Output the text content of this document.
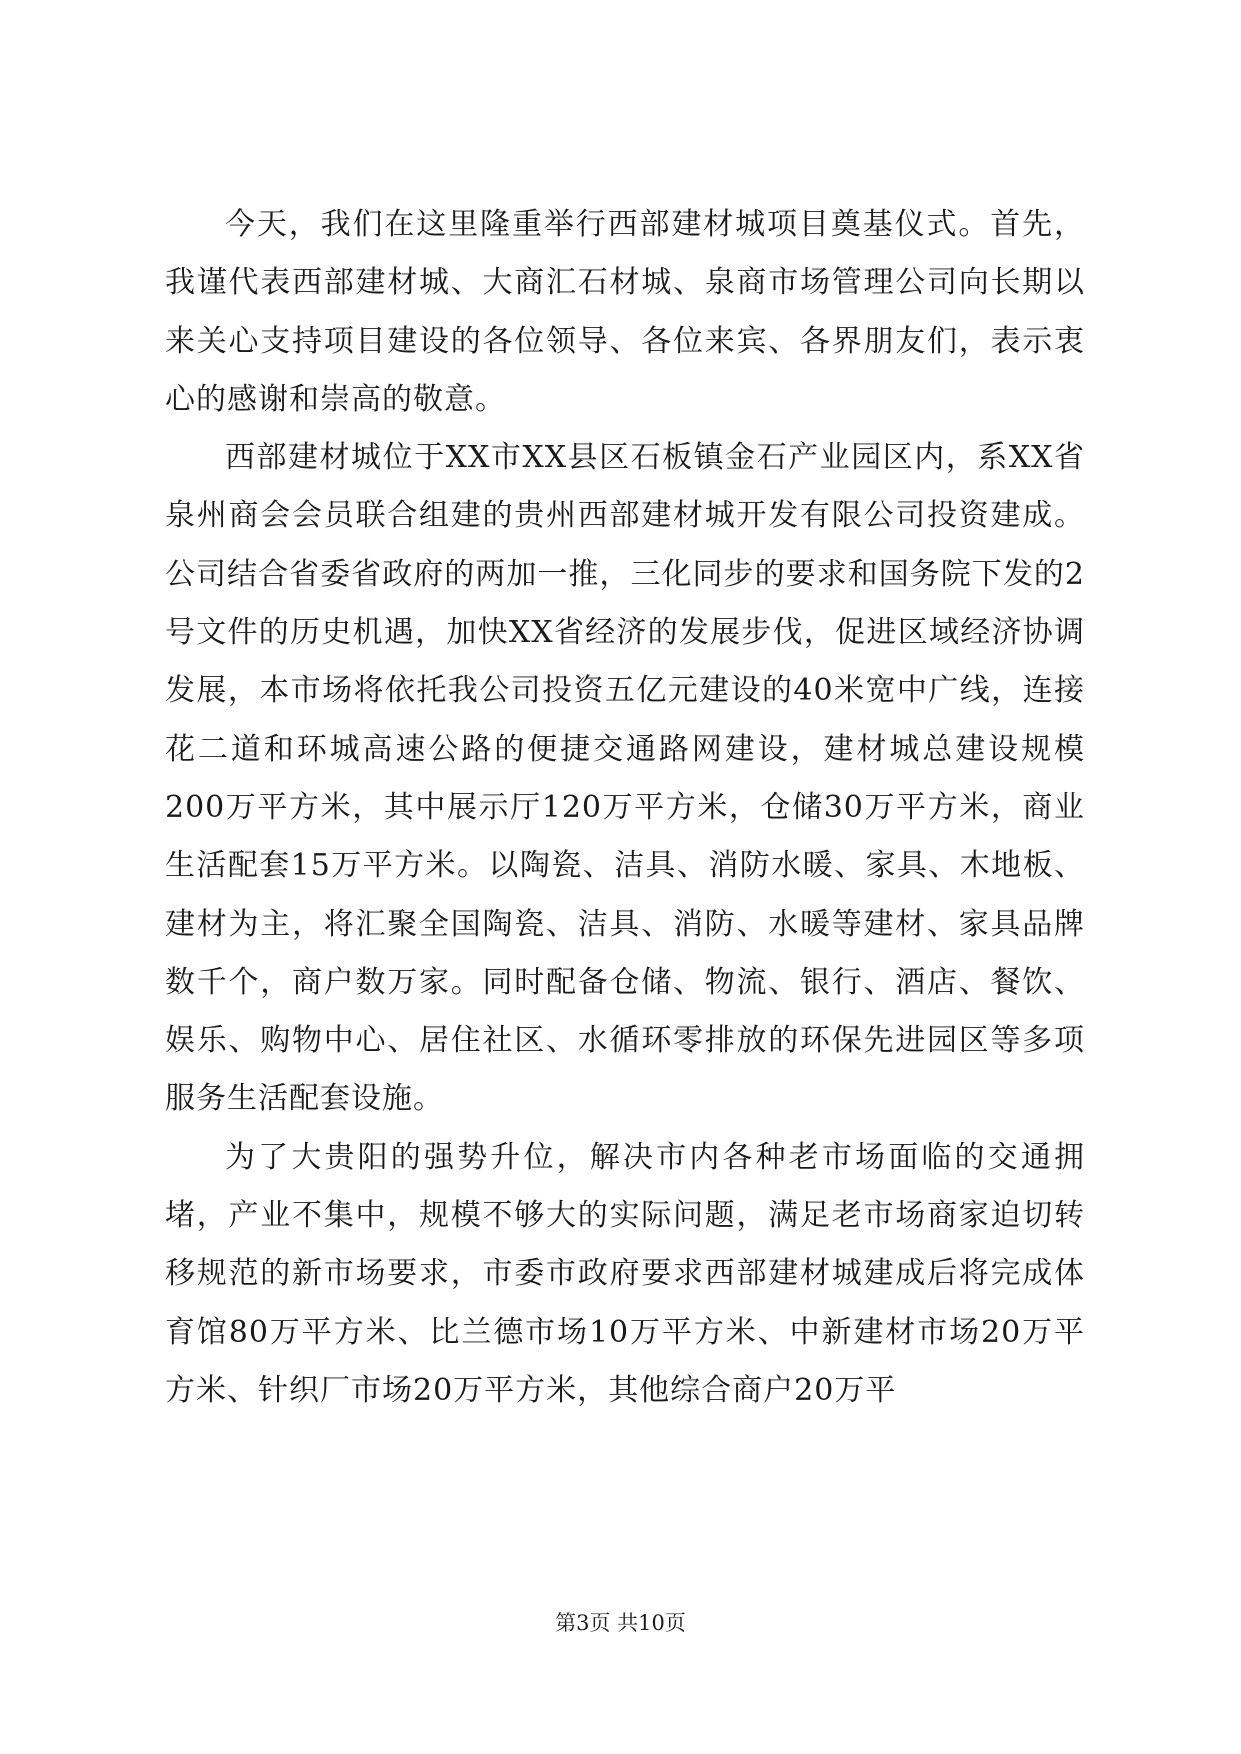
今天，我们在这里隆重举行西部建材城项目奠基仪式。首先，我谨代表西部建材城、大商汇石材城、泉商市场管理公司向长期以来关心支持项目建设的各位领导、各位来宾、各界朋友们，表示衷心的感谢和崇高的敬意。

西部建材城位于XX市XX县区石板镇金石产业园区内，系XX省泉州商会会员联合组建的贵州西部建材城开发有限公司投资建成。公司结合省委省政府的两加一推，三化同步的要求和国务院下发的2号文件的历史机遇，加快XX省经济的发展步伐，促进区域经济协调发展，本市场将依托我公司投资五亿元建设的40米宽中广线，连接花二道和环城高速公路的便捷交通路网建设，建材城总建设规模200万平方米，其中展示厅120万平方米，仓储30万平方米，商业生活配套15万平方米。以陶瓷、洁具、消防水暖、家具、木地板、建材为主，将汇聚全国陶瓷、洁具、消防、水暖等建材、家具品牌数千个，商户数万家。同时配备仓储、物流、银行、酒店、餐饮、娱乐、购物中心、居住社区、水循环零排放的环保先进园区等多项服务生活配套设施。

为了大贵阳的强势升位，解决市内各种老市场面临的交通拥堵，产业不集中，规模不够大的实际问题，满足老市场商家迫切转移规范的新市场要求，市委市政府要求西部建材城建成后将完成体育馆80万平方米、比兰德市场10万平方米、中新建材市场20万平方米、针织厂市场20万平方米，其他综合商户20万平

第3页 共10页
